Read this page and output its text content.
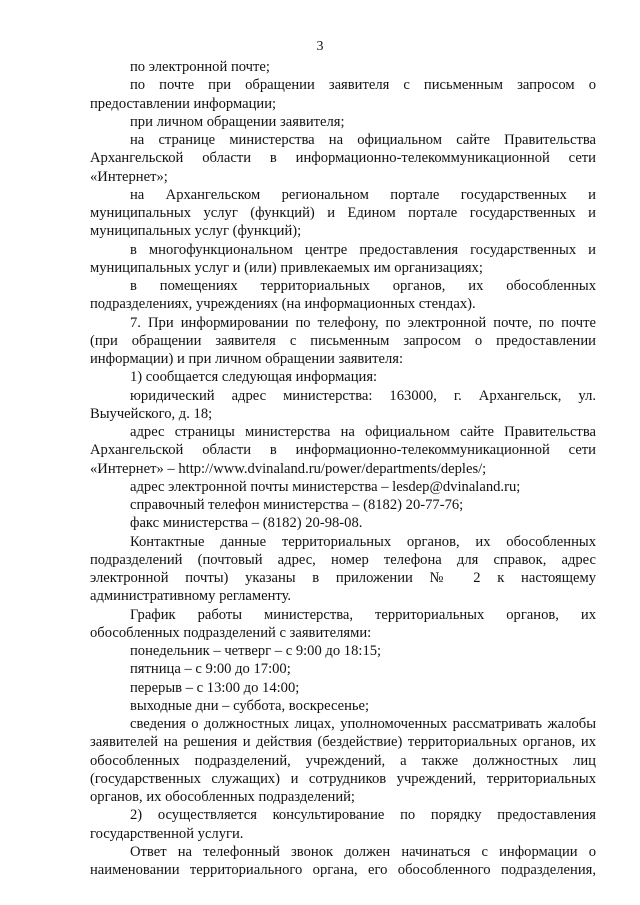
3

по электронной почте;

по почте при обращении заявителя с письменным запросом о предоставлении информации;

при личном обращении заявителя;

на странице министерства на официальном сайте Правительства Архангельской области в информационно-телекоммуникационной сети «Интернет»;

на Архангельском региональном портале государственных и муниципальных услуг (функций) и Едином портале государственных и муниципальных услуг (функций);

в многофункциональном центре предоставления государственных и муниципальных услуг и (или) привлекаемых им организациях;

в помещениях территориальных органов, их обособленных подразделениях, учреждениях (на информационных стендах).

7. При информировании по телефону, по электронной почте, по почте (при обращении заявителя с письменным запросом о предоставлении информации) и при личном обращении заявителя:

1) сообщается следующая информация:

юридический адрес министерства: 163000, г. Архангельск, ул. Выучейского, д. 18;

адрес страницы министерства на официальном сайте Правительства Архангельской области в информационно-телекоммуникационной сети «Интернет» – http://www.dvinaland.ru/power/departments/deples/;

адрес электронной почты министерства – lesdep@dvinaland.ru;

справочный телефон министерства – (8182) 20-77-76;

факс министерства – (8182) 20-98-08.

Контактные данные территориальных органов, их обособленных подразделений (почтовый адрес, номер телефона для справок, адрес электронной почты) указаны в приложении № 2 к настоящему административному регламенту.

График работы министерства, территориальных органов, их обособленных подразделений с заявителями:

понедельник – четверг – с 9:00 до 18:15;

пятница – с 9:00 до 17:00;

перерыв – с 13:00 до 14:00;

выходные дни – суббота, воскресенье;

сведения о должностных лицах, уполномоченных рассматривать жалобы заявителей на решения и действия (бездействие) территориальных органов, их обособленных подразделений, учреждений, а также должностных лиц (государственных служащих) и сотрудников учреждений, территориальных органов, их обособленных подразделений;

2) осуществляется консультирование по порядку предоставления государственной услуги.

Ответ на телефонный звонок должен начинаться с информации о наименовании территориального органа, его обособленного подразделения,
